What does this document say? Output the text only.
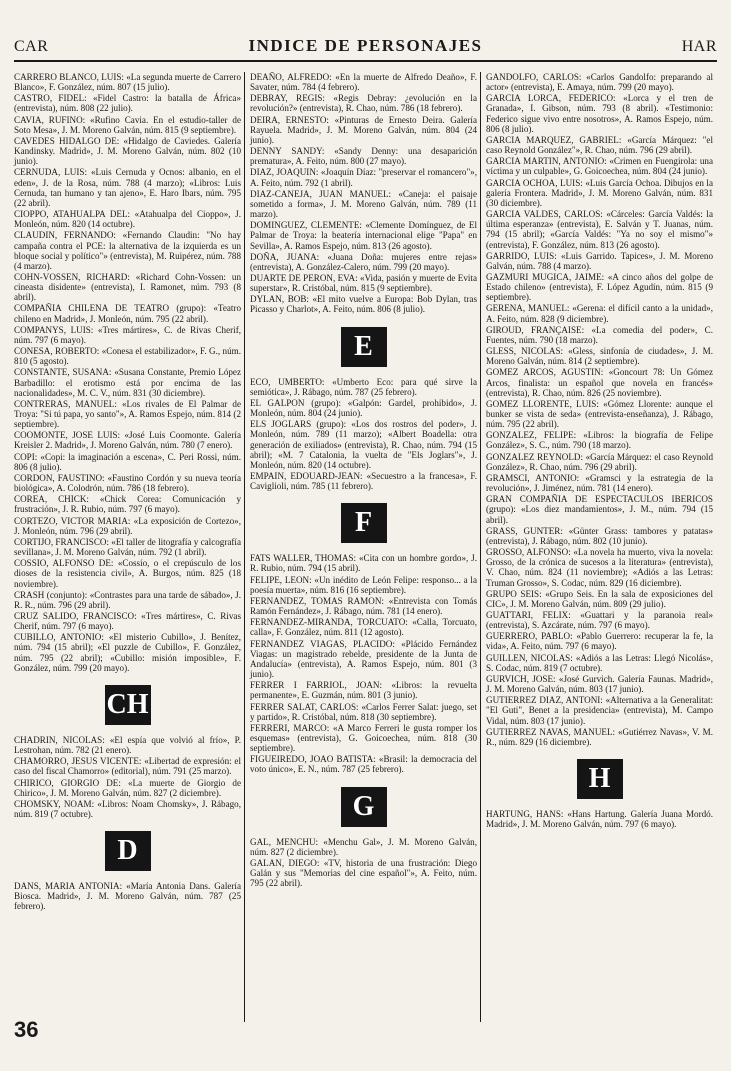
CAR	INDICE DE PERSONAJES	HAR
CARRERO BLANCO, LUIS: «La segunda muerte de Carrero Blanco», F. González, núm. 807 (15 julio).
CASTRO, FIDEL: «Fidel Castro: la batalla de África» (entrevista), núm. 808 (22 julio).
CAVIA, RUFINO: «Rufino Cavia. En el estudio-taller de Soto Mesa», J. M. Moreno Galván, núm. 815 (9 septiembre).
CAVEDES HIDALGO DE: «Hidalgo de Caviedes. Galería Kandinsky. Madrid», J. M. Moreno Galván, núm. 802 (10 junio).
CERNUDA, LUIS: «Luis Cernuda y Ocnos: albanio, en el eden», J. de la Rosa, núm. 788 (4 marzo); «Libros: Luis Cernuda, tan humano y tan ajeno», E. Haro Ibars, núm. 795 (22 abril).
CIOPPO, ATAHUALPA DEL: «Atahualpa del Cioppo», J. Monleón, núm. 820 (14 octubre).
CLAUDIN, FERNANDO: «Fernando Claudin: "No hay campaña contra el PCE: la alternativa de la izquierda es un bloque social y político"» (entrevista), M. Ruipérez, núm. 788 (4 marzo).
COHN-VOSSEN, RICHARD: «Richard Cohn-Vossen: un cineasta disidente» (entrevista), I. Ramonet, núm. 793 (8 abril).
COMPAÑIA CHILENA DE TEATRO (grupo): «Teatro chileno en Madrid», J. Monleón, núm. 795 (22 abril).
COMPANYS, LUIS: «Tres mártires», C. de Rivas Cherif, núm. 797 (6 mayo).
CONESA, ROBERTO: «Conesa el estabilizador», F. G., núm. 810 (5 agosto).
CONSTANTE, SUSANA: «Susana Constante, Premio López Barbadillo: el erotismo está por encima de las nacionalidades», M. C. V., núm. 831 (30 diciembre).
CONTRERAS, MANUEL: «Los rivales de El Palmar de Troya: "Si tú papa, yo santo"», A. Ramos Espejo, núm. 814 (2 septiembre).
COOMONTE, JOSE LUIS: «José Luis Coomonte. Galería Kreisler 2. Madrid», J. Moreno Galván, núm. 780 (7 enero).
COPI: «Copi: la imaginación a escena», C. Peri Rossi, núm. 806 (8 julio).
CORDON, FAUSTINO: «Faustino Cordón y su nueva teoría biológica», A. Colodrón, núm. 786 (18 febrero).
COREA, CHICK: «Chick Corea: Comunicación y frustración», J. R. Rubio, núm. 797 (6 mayo).
CORTEZO, VICTOR MARIA: «La exposición de Cortezo», J. Monleón, núm. 796 (29 abril).
CORTIJO, FRANCISCO: «El taller de litografía y calcografía sevillana», J. M. Moreno Galván, núm. 792 (1 abril).
COSSIO, ALFONSO DE: «Cossío, o el crepúsculo de los dioses de la resistencia civil», A. Burgos, núm. 825 (18 noviembre).
CRASH (conjunto): «Contrastes para una tarde de sábado», J. R. R., núm. 796 (29 abril).
CRUZ SALIDO, FRANCISCO: «Tres mártires», C. Rivas Cherif, núm. 797 (6 mayo).
CUBILLO, ANTONIO: «El misterio Cubillo», J. Benítez, núm. 794 (15 abril); «El puzzle de Cubillo», F. González, núm. 795 (22 abril); «Cubillo: misión imposible», F. González, núm. 799 (20 mayo).
CH
CHADRIN, NICOLAS: «El espía que volvió al frío», P. Lestrohan, núm. 782 (21 enero).
CHAMORRO, JESUS VICENTE: «Libertad de expresión: el caso del fiscal Chamorro» (editorial), núm. 791 (25 marzo).
CHIRICO, GIORGIO DE: «La muerte de Giorgio de Chirico», J. M. Moreno Galván, núm. 827 (2 diciembre).
CHOMSKY, NOAM: «Libros: Noam Chomsky», J. Rábago, núm. 819 (7 octubre).
D
DANS, MARIA ANTONIA: «María Antonia Dans. Galería Biosca. Madrid», J. M. Moreno Galván, núm. 787 (25 febrero).
DEAÑO, ALFREDO: «En la muerte de Alfredo Deaño», F. Savater, núm. 784 (4 febrero).
DEBRAY, REGIS: «Regis Debray: ¿evolución en la revolución?» (entrevista), R. Chao, núm. 786 (18 febrero).
DEIRA, ERNESTO: «Pinturas de Ernesto Deira. Galería Rayuela. Madrid», J. M. Moreno Galván, núm. 804 (24 junio).
DENNY SANDY: «Sandy Denny: una desaparición prematura», A. Feito, núm. 800 (27 mayo).
DIAZ, JOAQUIN: «Joaquín Díaz: "preservar el romancero"», A. Feito, núm. 792 (1 abril).
DIAZ-CANEJA, JUAN MANUEL: «Caneja: el paisaje sometido a forma», J. M. Moreno Galván, núm. 789 (11 marzo).
DOMINGUEZ, CLEMENTE: «Clemente Domínguez, de El Palmar de Troya: la beatería internacional elige "Papa" en Sevilla», A. Ramos Espejo, núm. 813 (26 agosto).
DOÑA, JUANA: «Juana Doña: mujeres entre rejas» (entrevista), A. González-Calero, núm. 799 (20 mayo).
DUARTE DE PERON, EVA: «Vida, pasión y muerte de Evita superstar», R. Cristóbal, núm. 815 (9 septiembre).
DYLAN, BOB: «El mito vuelve a Europa: Bob Dylan, tras Picasso y Charlot», A. Feito, núm. 806 (8 julio).
E
ECO, UMBERTO: «Umberto Eco: para qué sirve la semiótica», J. Rábago, núm. 787 (25 febrero).
EL GALPON (grupo): «Galpón: Gardel, prohibido», J. Monleón, núm. 804 (24 junio).
ELS JOGLARS (grupo): «Los dos rostros del poder», J. Monleón, núm. 789 (11 marzo); «Albert Boadella: otra generación de exiliados» (entrevista), R. Chao, núm. 794 (15 abril); «M. 7 Catalonia, la vuelta de "Els Joglars"», J. Monleón, núm. 820 (14 octubre).
EMPAIN, EDOUARD-JEAN: «Secuestro a la francesa», F. Caviglioli, núm. 785 (11 febrero).
F
FATS WALLER, THOMAS: «Cita con un hombre gordo», J. R. Rubio, núm. 794 (15 abril).
FELIPE, LEON: «Un inédito de León Felipe: responso... a la poesía muerta», núm. 816 (16 septiembre).
FERNANDEZ, TOMAS RAMON: «Entrevista con Tomás Ramón Fernández», J. Rábago, núm. 781 (14 enero).
FERNANDEZ-MIRANDA, TORCUATO: «Calla, Torcuato, calla», F. González, núm. 811 (12 agosto).
FERNANDEZ VIAGAS, PLACIDO: «Plácido Fernández Viagas: un magistrado rebelde, presidente de la Junta de Andalucía» (entrevista), A. Ramos Espejo, núm. 801 (3 junio).
FERRER I FARRIOL, JOAN: «Libros: la revuelta permanente», E. Guzmán, núm. 801 (3 junio).
FERRER SALAT, CARLOS: «Carlos Ferrer Salat: juego, set y partido», R. Cristóbal, núm. 818 (30 septiembre).
FERRERI, MARCO: «A Marco Ferreri le gusta romper los esquemas» (entrevista), G. Goicoechea, núm. 818 (30 septiembre).
FIGUEIREDO, JOAO BATISTA: «Brasil: la democracia del voto único», E. N., núm. 787 (25 febrero).
G
GAL, MENCHU: «Menchu Gal», J. M. Moreno Galván, núm. 827 (2 diciembre).
GALAN, DIEGO: «TV, historia de una frustración: Diego Galán y sus "Memorias del cine español"», A. Feito, núm. 795 (22 abril).
GANDOLFO, CARLOS: «Carlos Gandolfo: preparando al actor» (entrevista), E. Amaya, núm. 799 (20 mayo).
GARCIA LORCA, FEDERICO: «Lorca y el tren de Granada», I. Gibson, núm. 793 (8 abril). «Testimonio: Federico sigue vivo entre nosotros», A. Ramos Espejo, núm. 806 (8 julio).
GARCIA MARQUEZ, GABRIEL: «García Márquez: "el caso Reynold González"», R. Chao, núm. 796 (29 abril).
GARCIA MARTIN, ANTONIO: «Crimen en Fuengirola: una víctima y un culpable», G. Goicoechea, núm. 804 (24 junio).
GARCIA OCHOA, LUIS: «Luis García Ochoa. Dibujos en la galería Frontera. Madrid», J. M. Moreno Galván, núm. 831 (30 diciembre).
GARCIA VALDES, CARLOS: «Cárceles: García Valdés: la última esperanza» (entrevista), E. Salván y T. Juanas, núm. 794 (15 abril); «García Valdés: "Ya no soy el mismo"» (entrevista), F. González, núm. 813 (26 agosto).
GARRIDO, LUIS: «Luis Garrido. Tapices», J. M. Moreno Galván, núm. 788 (4 marzo).
GAZMURI MUGICA, JAIME: «A cinco años del golpe de Estado chileno» (entrevista), F. López Agudín, núm. 815 (9 septiembre).
GERENA, MANUEL: «Gerena: el difícil canto a la unidad», A. Feito, núm. 828 (9 diciembre).
GIROUD, FRANÇAISE: «La comedia del poder», C. Fuentes, núm. 790 (18 marzo).
GLESS, NICOLAS: «Gless, sinfonía de ciudades», J. M. Moreno Galván, núm. 814 (2 septiembre).
GOMEZ ARCOS, AGUSTIN: «Goncourt 78: Un Gómez Arcos, finalista: un español que novela en francés» (entrevista), R. Chao, núm. 826 (25 noviembre).
GOMEZ LLORENTE, LUIS: «Gómez Llorente: aunque el bunker se vista de seda» (entrevista-enseñanza), J. Rábago, núm. 795 (22 abril).
GONZALEZ, FELIPE: «Libros: la biografía de Felipe González», S. C., núm. 790 (18 marzo).
GONZALEZ REYNOLD: «García Márquez: el caso Reynold González», R. Chao, núm. 796 (29 abril).
GRAMSCI, ANTONIO: «Gramsci y la estrategia de la revolución», J. Jiménez, núm. 781 (14 enero).
GRAN COMPAÑIA DE ESPECTACULOS IBERICOS (grupo): «Los diez mandamientos», J. M., núm. 794 (15 abril).
GRASS, GUNTER: «Günter Grass: tambores y patatas» (entrevista), J. Rábago, núm. 802 (10 junio).
GROSSO, ALFONSO: «La novela ha muerto, viva la novela: Grosso, de la crónica de sucesos a la literatura» (entrevista), V. Chao, núm. 824 (11 noviembre); «Adiós a las Letras: Truman Grosso», S. Codac, núm. 829 (16 diciembre).
GRUPO SEIS: «Grupo Seis. En la sala de exposiciones del CIC», J. M. Moreno Galván, núm. 809 (29 julio).
GUATTARI, FELIX: «Guattari y la paranoia real» (entrevista), S. Azcárate, núm. 797 (6 mayo).
GUERRERO, PABLO: «Pablo Guerrero: recuperar la fe, la vida», A. Feito, núm. 797 (6 mayo).
GUILLEN, NICOLAS: «Adiós a las Letras: Llegó Nicolás», S. Codac, núm. 819 (7 octubre).
GURVICH, JOSE: «José Gurvich. Galería Faunas. Madrid», J. M. Moreno Galván, núm. 803 (17 junio).
GUTIERREZ DIAZ, ANTONI: «Alternativa a la Generalitat: "El Guti", Benet a la presidencia» (entrevista), M. Campo Vidal, núm. 803 (17 junio).
GUTIERREZ NAVAS, MANUEL: «Gutiérrez Navas», V. M. R., núm. 829 (16 diciembre).
H
HARTUNG, HANS: «Hans Hartung. Galería Juana Mordó. Madrid», J. M. Moreno Galván, núm. 797 (6 mayo).
36
